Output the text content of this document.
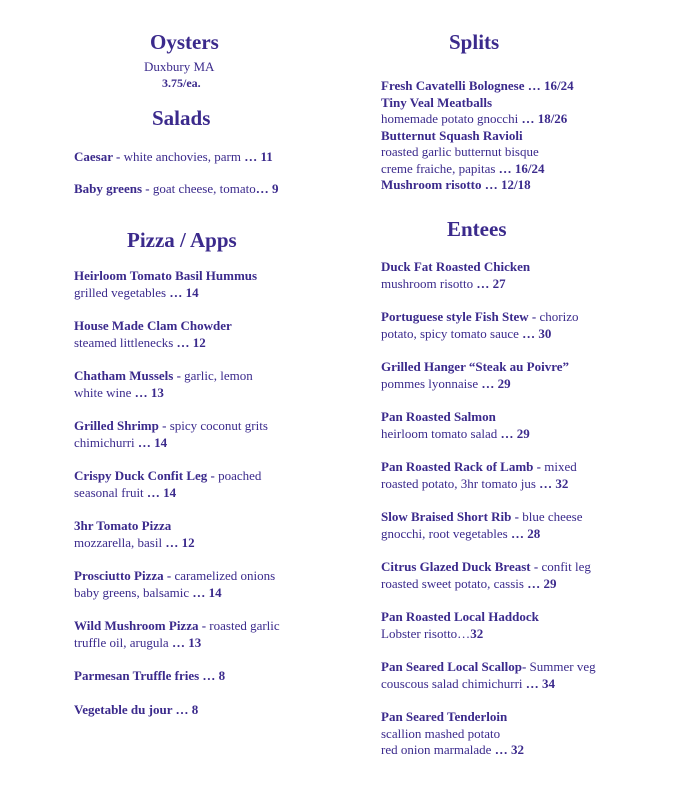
Oysters
Duxbury MA
3.75/ea.
Salads
Caesar - white anchovies, parm … 11
Baby greens - goat cheese, tomato… 9
Pizza / Apps
Heirloom Tomato Basil Hummus
grilled vegetables … 14
House Made Clam Chowder
steamed littlenecks … 12
Chatham Mussels - garlic, lemon
white wine … 13
Grilled Shrimp - spicy coconut grits
chimichurri … 14
Crispy Duck Confit Leg - poached
seasonal fruit … 14
3hr Tomato Pizza
mozzarella, basil … 12
Prosciutto Pizza - caramelized onions
baby greens, balsamic … 14
Wild Mushroom Pizza - roasted garlic
truffle oil, arugula … 13
Parmesan Truffle fries … 8
Vegetable du jour … 8
Splits
Fresh Cavatelli Bolognese … 16/24
Tiny Veal Meatballs
homemade potato gnocchi … 18/26
Butternut Squash Ravioli
roasted garlic butternut bisque
creme fraiche, papitas … 16/24
Mushroom risotto … 12/18
Entees
Duck Fat Roasted Chicken
mushroom risotto … 27
Portuguese style Fish Stew - chorizo
potato, spicy tomato sauce … 30
Grilled Hanger “Steak au Poivre”
pommes lyonnaise … 29
Pan Roasted Salmon
heirloom tomato salad … 29
Pan Roasted Rack of Lamb - mixed
roasted potato, 3hr tomato jus … 32
Slow Braised Short Rib - blue cheese
gnocchi, root vegetables … 28
Citrus Glazed Duck Breast - confit leg
roasted sweet potato, cassis … 29
Pan Roasted Local Haddock
Lobster risotto…32
Pan Seared Local Scallop- Summer veg
couscous salad chimichurri … 34
Pan Seared Tenderloin
scallion mashed potato
red onion marmalade … 32
